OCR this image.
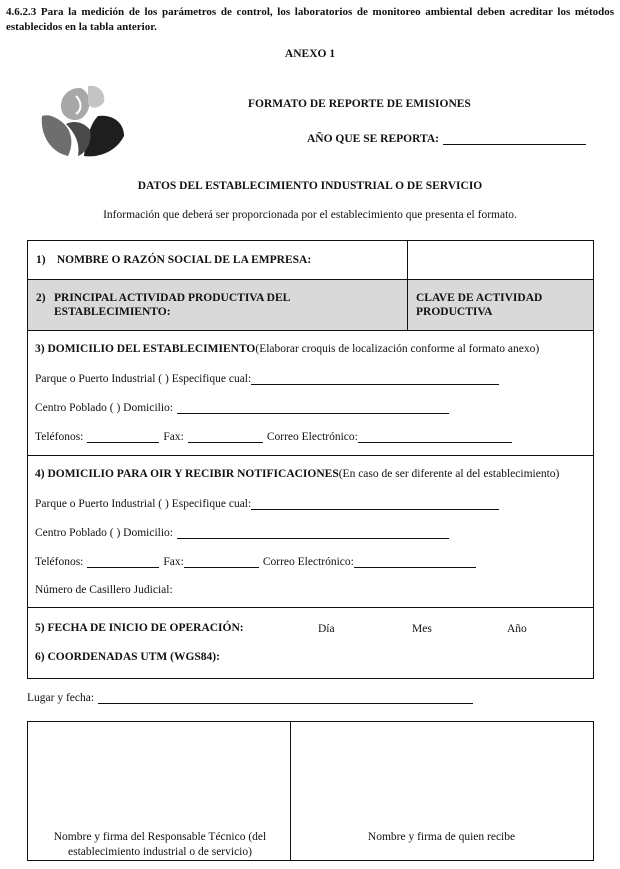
4.6.2.3 Para la medición de los parámetros de control, los laboratorios de monitoreo ambiental deben acreditar los métodos establecidos en la tabla anterior.
ANEXO 1
FORMATO DE REPORTE DE EMISIONES
AÑO QUE SE REPORTA:
DATOS DEL ESTABLECIMIENTO INDUSTRIAL O DE SERVICIO
Información que deberá ser proporcionada por el establecimiento que presenta el formato.
1) NOMBRE O RAZÓN SOCIAL DE LA EMPRESA:
2) PRINCIPAL ACTIVIDAD PRODUCTIVA DEL
ESTABLECIMIENTO:
CLAVE DE ACTIVIDAD
PRODUCTIVA
3) DOMICILIO DEL ESTABLECIMIENTO (Elaborar croquis de localización conforme al formato anexo)
Parque o Puerto Industrial ( ) Especifique cual:
Centro Poblado ( ) Domicilio:
Teléfonos:	Fax:	Correo Electrónico:
4) DOMICILIO PARA OIR Y RECIBIR NOTIFICACIONES (En caso de ser diferente al del establecimiento)
Parque o Puerto Industrial ( ) Especifique cual:
Centro Poblado ( ) Domicilio:
Teléfonos:	Fax:	Correo Electrónico:
Número de Casillero Judicial:
5) FECHA DE INICIO DE OPERACIÓN:	Día	Mes	Año
6) COORDENADAS UTM (WGS84):
Lugar y fecha:
Nombre y firma del Responsable Técnico (del
establecimiento industrial o de servicio)
Nombre y firma de quien recibe
